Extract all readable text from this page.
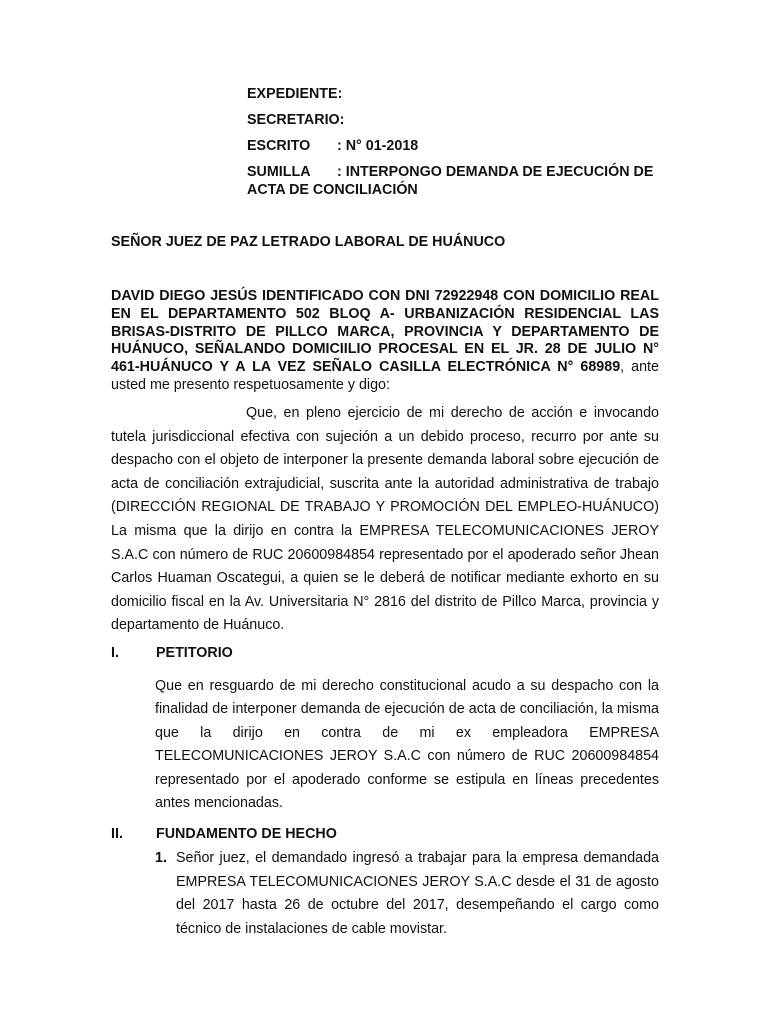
EXPEDIENTE:
SECRETARIO:
ESCRITO : N° 01-2018
SUMILLA : INTERPONGO DEMANDA DE EJECUCIÓN DE ACTA DE CONCILIACIÓN
SEÑOR JUEZ DE PAZ LETRADO LABORAL DE HUÁNUCO

DAVID DIEGO JESÚS IDENTIFICADO CON DNI 72922948 CON DOMICILIO REAL EN EL DEPARTAMENTO 502 BLOQ A- URBANIZACIÓN RESIDENCIAL LAS BRISAS-DISTRITO DE PILLCO MARCA, PROVINCIA Y DEPARTAMENTO DE HUÁNUCO, SEÑALANDO DOMICIILIO PROCESAL EN EL JR. 28 DE JULIO N° 461-HUÁNUCO Y A LA VEZ SEÑALO CASILLA ELECTRÓNICA N° 68989, ante usted me presento respetuosamente y digo:

Que, en pleno ejercicio de mi derecho de acción e invocando tutela jurisdiccional efectiva con sujeción a un debido proceso, recurro por ante su despacho con el objeto de interponer la presente demanda laboral sobre ejecución de acta de conciliación extrajudicial, suscrita ante la autoridad administrativa de trabajo (DIRECCIÓN REGIONAL DE TRABAJO Y PROMOCIÓN DEL EMPLEO-HUÁNUCO) La misma que la dirijo en contra la EMPRESA TELECOMUNICACIONES JEROY S.A.C con número de RUC 20600984854 representado por el apoderado señor Jhean Carlos Huaman Oscategui, a quien se le deberá de notificar mediante exhorto en su domicilio fiscal en la Av. Universitaria N° 2816 del distrito de Pillco Marca, provincia y departamento de Huánuco.

I.	PETITORIO

Que en resguardo de mi derecho constitucional acudo a su despacho con la finalidad de interponer demanda de ejecución de acta de conciliación, la misma que la dirijo en contra de mi ex empleadora EMPRESA TELECOMUNICACIONES JEROY S.A.C con número de RUC 20600984854 representado por el apoderado conforme se estipula en líneas precedentes antes mencionadas.

II. FUNDAMENTO DE HECHO
1. Señor juez, el demandado ingresó a trabajar para la empresa demandada EMPRESA TELECOMUNICACIONES JEROY S.A.C desde el 31 de agosto del 2017 hasta 26 de octubre del 2017, desempeñando el cargo como técnico de instalaciones de cable movistar.
